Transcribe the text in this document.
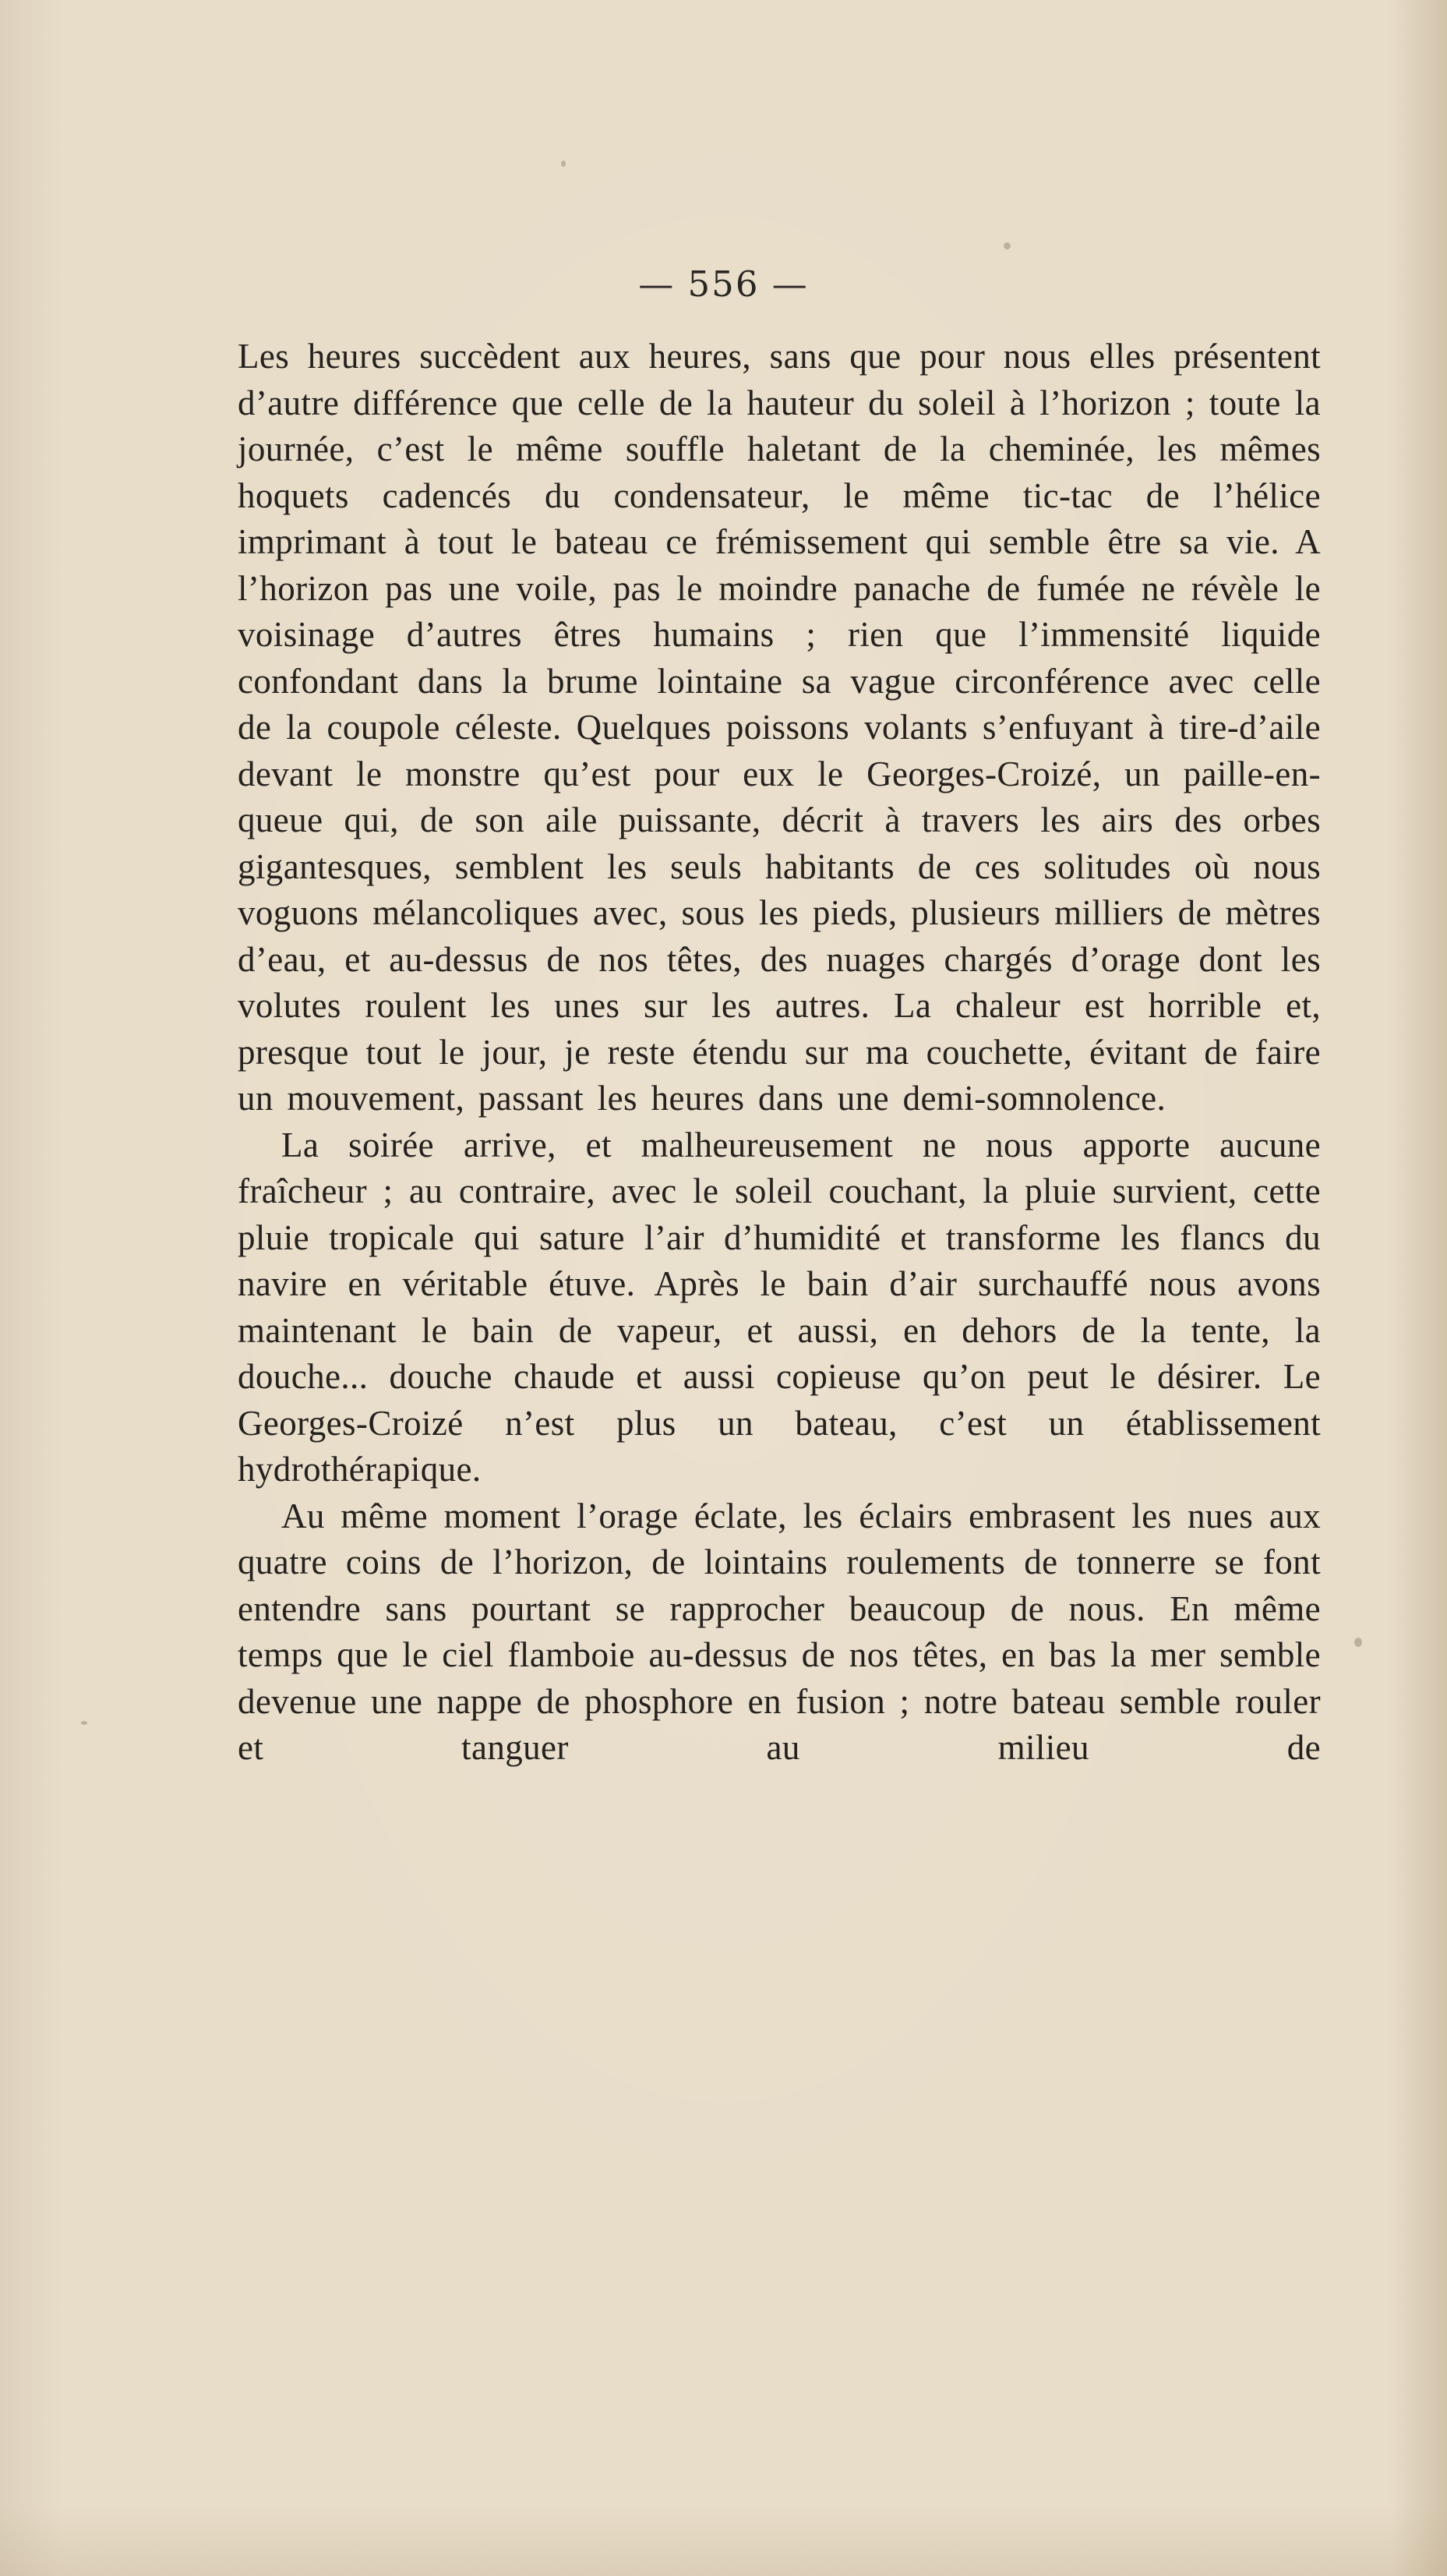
— 556 —

Les heures succèdent aux heures, sans que pour nous elles présentent d’autre différence que celle de la hauteur du soleil à l’horizon ; toute la journée, c’est le même souffle haletant de la cheminée, les mêmes hoquets cadencés du condensateur, le même tic-tac de l’hélice imprimant à tout le bateau ce frémissement qui semble être sa vie. A l’horizon pas une voile, pas le moindre panache de fumée ne révèle le voisinage d’autres êtres humains ; rien que l’immensité liquide confondant dans la brume lointaine sa vague circonférence avec celle de la coupole céleste. Quelques poissons volants s’enfuyant à tire-d’aile devant le monstre qu’est pour eux le Georges-Croizé, un paille-en-queue qui, de son aile puissante, décrit à travers les airs des orbes gigantesques, semblent les seuls habitants de ces solitudes où nous voguons mélancoliques avec, sous les pieds, plusieurs milliers de mètres d’eau, et au-dessus de nos têtes, des nuages chargés d’orage dont les volutes roulent les unes sur les autres. La chaleur est horrible et, presque tout le jour, je reste étendu sur ma couchette, évitant de faire un mouvement, passant les heures dans une demi-somnolence.

La soirée arrive, et malheureusement ne nous apporte aucune fraîcheur ; au contraire, avec le soleil couchant, la pluie survient, cette pluie tropicale qui sature l’air d’humidité et transforme les flancs du navire en véritable étuve. Après le bain d’air surchauffé nous avons maintenant le bain de vapeur, et aussi, en dehors de la tente, la douche... douche chaude et aussi copieuse qu’on peut le désirer. Le Georges-Croizé n’est plus un bateau, c’est un établissement hydrothérapique.

Au même moment l’orage éclate, les éclairs embrasent les nues aux quatre coins de l’horizon, de lointains roulements de tonnerre se font entendre sans pourtant se rapprocher beaucoup de nous. En même temps que le ciel flamboie au-dessus de nos têtes, en bas la mer semble devenue une nappe de phosphore en fusion ; notre bateau semble rouler et tanguer au milieu de
